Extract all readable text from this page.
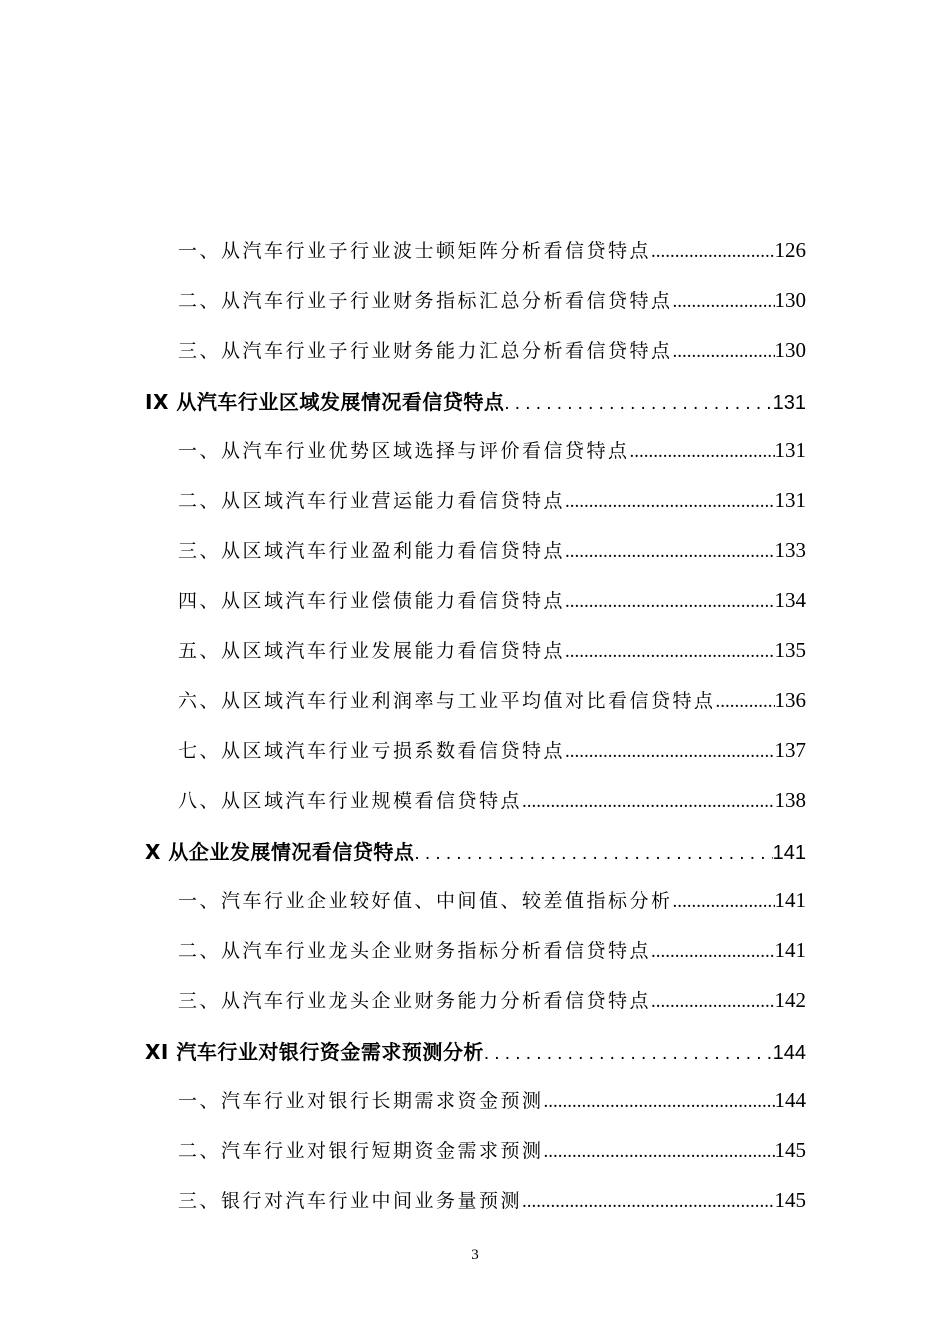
一、从汽车行业子行业波士顿矩阵分析看信贷特点 .....	126
二、从汽车行业子行业财务指标汇总分析看信贷特点 .....	130
三、从汽车行业子行业财务能力汇总分析看信贷特点 .....	130
IX 从汽车行业区域发展情况看信贷特点 .....	131
一、从汽车行业优势区域选择与评价看信贷特点 .....	131
二、从区域汽车行业营运能力看信贷特点 .....	131
三、从区域汽车行业盈利能力看信贷特点 .....	133
四、从区域汽车行业偿债能力看信贷特点 .....	134
五、从区域汽车行业发展能力看信贷特点 .....	135
六、从区域汽车行业利润率与工业平均值对比看信贷特点 .....	136
七、从区域汽车行业亏损系数看信贷特点 .....	137
八、从区域汽车行业规模看信贷特点 .....	138
X 从企业发展情况看信贷特点 .....	141
一、汽车行业企业较好值、中间值、较差值指标分析 .....	141
二、从汽车行业龙头企业财务指标分析看信贷特点 .....	141
三、从汽车行业龙头企业财务能力分析看信贷特点 .....	142
XI 汽车行业对银行资金需求预测分析 .....	144
一、汽车行业对银行长期需求资金预测 .....	144
二、汽车行业对银行短期资金需求预测 .....	145
三、银行对汽车行业中间业务量预测 .....	145
3
